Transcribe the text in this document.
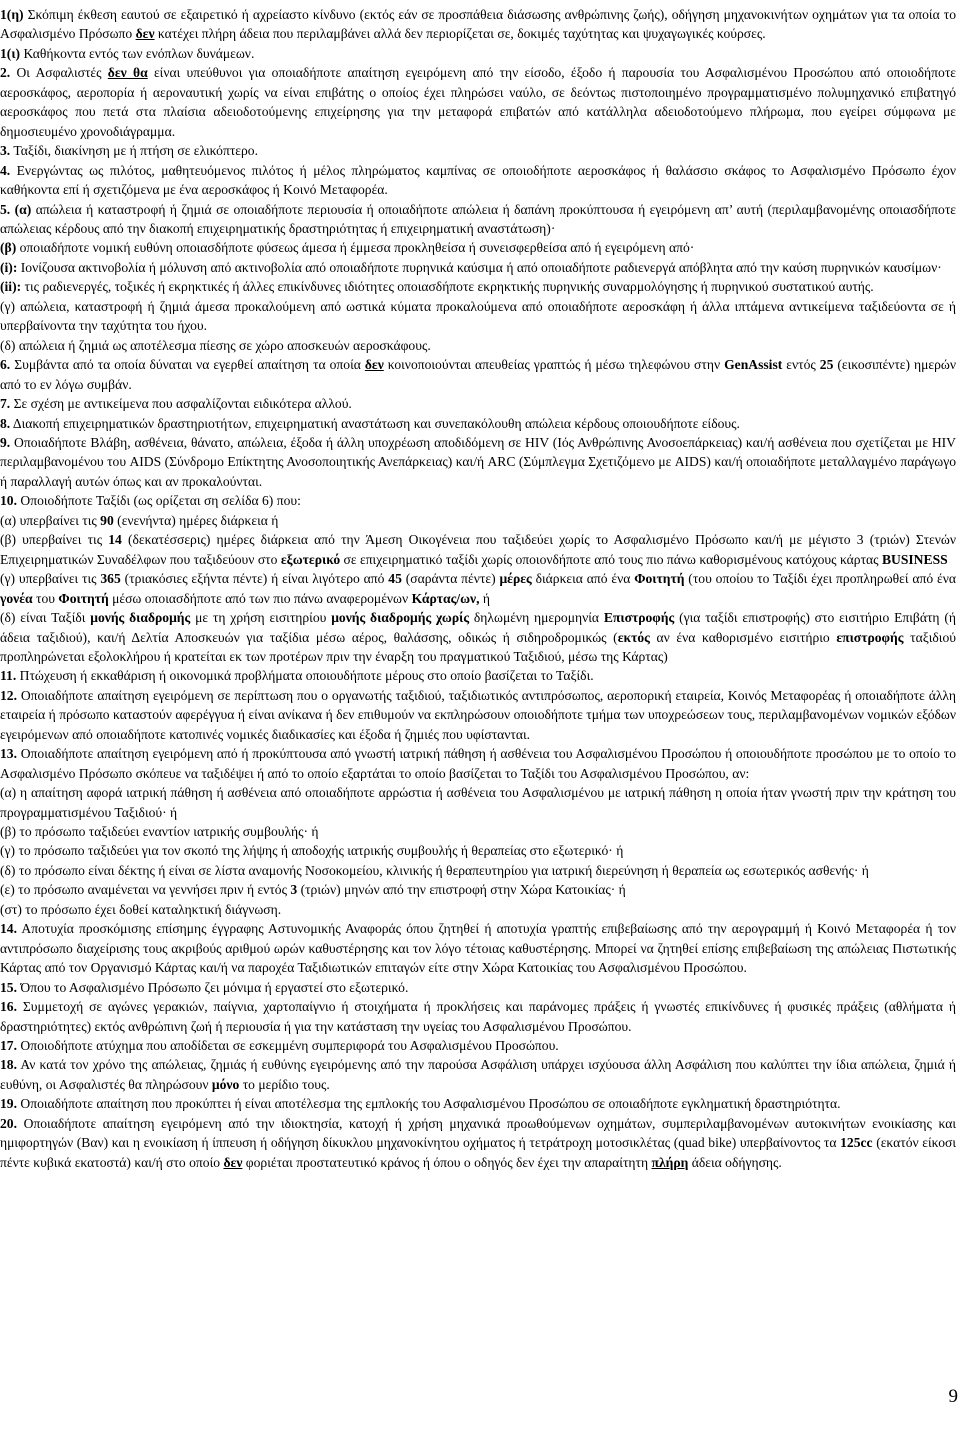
1(η) Σκόπιμη έκθεση εαυτού σε εξαιρετικό ή αχρείαστο κίνδυνο (εκτός εάν σε προσπάθεια διάσωσης ανθρώπινης ζωής), οδήγηση μηχανοκινήτων οχημάτων για τα οποία το Ασφαλισμένο Πρόσωπο δεν κατέχει πλήρη άδεια που περιλαμβάνει αλλά δεν περιορίζεται σε, δοκιμές ταχύτητας και ψυχαγωγικές κούρσες.

1(ι) Καθήκοντα εντός των ενόπλων δυνάμεων.

2. Οι Ασφαλιστές δεν θα είναι υπεύθυνοι για οποιαδήποτε απαίτηση εγειρόμενη από την είσοδο, έξοδο ή παρουσία του Ασφαλισμένου Προσώπου από οποιοδήποτε αεροσκάφος, αεροπορία ή αεροναυτική χωρίς να είναι επιβάτης ο οποίος έχει πληρώσει ναύλο, σε δεόντως πιστοποιημένο προγραμματισμένο πολυμηχανικό επιβατηγό αεροσκάφος που πετά στα πλαίσια αδειοδοτούμενης επιχείρησης για την μεταφορά επιβατών από κατάλληλα αδειοδοτούμενο πλήρωμα, που εγείρει σύμφωνα με δημοσιευμένο χρονοδιάγραμμα.

3. Ταξίδι, διακίνηση με ή πτήση σε ελικόπτερο.

4. Ενεργώντας ως πιλότος, μαθητευόμενος πιλότος ή μέλος πληρώματος καμπίνας σε οποιοδήποτε αεροσκάφος ή θαλάσσιο σκάφος το Ασφαλισμένο Πρόσωπο έχον καθήκοντα επί ή σχετιζόμενα με ένα αεροσκάφος ή Κοινό Μεταφορέα.

5. (α) απώλεια ή καταστροφή ή ζημιά σε οποιαδήποτε περιουσία ή οποιαδήποτε απώλεια ή δαπάνη προκύπτουσα ή εγειρόμενη απ’ αυτή (περιλαμβανομένης οποιασδήποτε απώλειας κέρδους από την διακοπή επιχειρηματικής δραστηριότητας ή επιχειρηματική αναστάτωση)·

(β) οποιαδήποτε νομική ευθύνη οποιασδήποτε φύσεως άμεσα ή έμμεσα προκληθείσα ή συνεισφερθείσα από ή εγειρόμενη από·

(i): Ιονίζουσα ακτινοβολία ή μόλυνση από ακτινοβολία από οποιαδήποτε πυρηνικά καύσιμα ή από οποιαδήποτε ραδιενεργά απόβλητα από την καύση πυρηνικών καυσίμων·

(ii): τις ραδιενεργές, τοξικές ή εκρηκτικές ή άλλες επικίνδυνες ιδιότητες οποιασδήποτε εκρηκτικής πυρηνικής συναρμολόγησης ή πυρηνικού συστατικού αυτής.

(γ) απώλεια, καταστροφή ή ζημιά άμεσα προκαλούμενη από ωστικά κύματα προκαλούμενα από οποιαδήποτε αεροσκάφη ή άλλα ιπτάμενα αντικείμενα ταξιδεύοντα σε ή υπερβαίνοντα την ταχύτητα του ήχου.

(δ) απώλεια ή ζημιά ως αποτέλεσμα πίεσης σε χώρο αποσκευών αεροσκάφους.

6. Συμβάντα από τα οποία δύναται να εγερθεί απαίτηση τα οποία δεν κοινοποιούνται απευθείας γραπτώς ή μέσω τηλεφώνου στην GenAssist εντός 25 (εικοσιπέντε) ημερών από το εν λόγω συμβάν.

7. Σε σχέση με αντικείμενα που ασφαλίζονται ειδικότερα αλλού.

8. Διακοπή επιχειρηματικών δραστηριοτήτων, επιχειρηματική αναστάτωση και συνεπακόλουθη απώλεια κέρδους οποιουδήποτε είδους.

9. Οποιαδήποτε Βλάβη, ασθένεια, θάνατο, απώλεια, έξοδα ή άλλη υποχρέωση αποδιδόμενη σε HIV (Ιός Ανθρώπινης Ανοσοεπάρκειας) και/ή ασθένεια που σχετίζεται με HIV περιλαμβανομένου του AIDS (Σύνδρομο Επίκτητης Ανοσοποιητικής Ανεπάρκειας) και/ή ARC (Σύμπλεγμα Σχετιζόμενο με AIDS) και/ή οποιαδήποτε μεταλλαγμένο παράγωγο ή παραλλαγή αυτών όπως και αν προκαλούνται.

10. Οποιοδήποτε Ταξίδι (ως ορίζεται ση σελίδα 6) που:

(α) υπερβαίνει τις 90 (ενενήντα) ημέρες διάρκεια ή

(β) υπερβαίνει τις 14 (δεκατέσσερις) ημέρες διάρκεια από την Άμεση Οικογένεια που ταξιδεύει χωρίς το Ασφαλισμένο Πρόσωπο και/ή με μέγιστο 3 (τριών) Στενών Επιχειρηματικών Συναδέλφων που ταξιδεύουν στο εξωτερικό σε επιχειρηματικό ταξίδι χωρίς οποιονδήποτε από τους πιο πάνω καθορισμένους κατόχους κάρτας BUSINESS

(γ) υπερβαίνει τις 365 (τριακόσιες εξήντα πέντε) ή είναι λιγότερο από 45 (σαράντα πέντε) μέρες διάρκεια από ένα Φοιτητή (του οποίου το Ταξίδι έχει προπληρωθεί από ένα γονέα του Φοιτητή μέσω οποιασδήποτε από των πιο πάνω αναφερομένων Κάρτας/ων, ή

(δ) είναι Ταξίδι μονής διαδρομής με τη χρήση εισιτηρίου μονής διαδρομής χωρίς δηλωμένη ημερομηνία Επιστροφής (για ταξίδι επιστροφής) στο εισιτήριο Επιβάτη (ή άδεια ταξιδιού), και/ή Δελτία Αποσκευών για ταξίδια μέσω αέρος, θαλάσσης, οδικώς ή σιδηροδρομικώς (εκτός αν ένα καθορισμένο εισιτήριο επιστροφής ταξιδιού προπληρώνεται εξολοκλήρου ή κρατείται εκ των προτέρων πριν την έναρξη του πραγματικού Ταξιδιού, μέσω της Κάρτας)

11. Πτώχευση ή εκκαθάριση ή οικονομικά προβλήματα οποιουδήποτε μέρους στο οποίο βασίζεται το Ταξίδι.

12. Οποιαδήποτε απαίτηση εγειρόμενη σε περίπτωση που ο οργανωτής ταξιδιού, ταξιδιωτικός αντιπρόσωπος, αεροπορική εταιρεία, Κοινός Μεταφορέας ή οποιαδήποτε άλλη εταιρεία ή πρόσωπο καταστούν αφερέγγυα ή είναι ανίκανα ή δεν επιθυμούν να εκπληρώσουν οποιοδήποτε τμήμα των υποχρεώσεων τους, περιλαμβανομένων νομικών εξόδων εγειρόμενων από οποιαδήποτε κατοπινές νομικές διαδικασίες και έξοδα ή ζημιές που υφίστανται.

13. Οποιαδήποτε απαίτηση εγειρόμενη από ή προκύπτουσα από γνωστή ιατρική πάθηση ή ασθένεια του Ασφαλισμένου Προσώπου ή οποιουδήποτε προσώπου με το οποίο το Ασφαλισμένο Πρόσωπο σκόπευε να ταξιδέψει ή από το οποίο εξαρτάται το οποίο βασίζεται το Ταξίδι του Ασφαλισμένου Προσώπου, αν:

(α) η απαίτηση αφορά ιατρική πάθηση ή ασθένεια από οποιαδήποτε αρρώστια ή ασθένεια του Ασφαλισμένου με ιατρική πάθηση η οποία ήταν γνωστή πριν την κράτηση του προγραμματισμένου Ταξιδιού· ή

(β) το πρόσωπο ταξιδεύει εναντίον ιατρικής συμβουλής· ή

(γ) το πρόσωπο ταξιδεύει για τον σκοπό της λήψης ή αποδοχής ιατρικής συμβουλής ή θεραπείας στο εξωτερικό· ή

(δ) το πρόσωπο είναι δέκτης ή είναι σε λίστα αναμονής Νοσοκομείου, κλινικής ή θεραπευτηρίου για ιατρική διερεύνηση ή θεραπεία ως εσωτερικός ασθενής· ή

(ε) το πρόσωπο αναμένεται να γεννήσει πριν ή εντός 3 (τριών) μηνών από την επιστροφή στην Χώρα Κατοικίας· ή

(στ) το πρόσωπο έχει δοθεί καταληκτική διάγνωση.

14. Αποτυχία προσκόμισης επίσημης έγγραφης Αστυνομικής Αναφοράς όπου ζητηθεί ή αποτυχία γραπτής επιβεβαίωσης από την αερογραμμή ή Κοινό Μεταφορέα ή τον αντιπρόσωπο διαχείρισης τους ακριβούς αριθμού ωρών καθυστέρησης και τον λόγο τέτοιας καθυστέρησης. Μπορεί να ζητηθεί επίσης επιβεβαίωση της απώλειας Πιστωτικής Κάρτας από τον Οργανισμό Κάρτας και/ή να παροχέα Ταξιδιωτικών επιταγών είτε στην Χώρα Κατοικίας του Ασφαλισμένου Προσώπου.

15. Όπου το Ασφαλισμένο Πρόσωπο ζει μόνιμα ή εργαστεί στο εξωτερικό.

16. Συμμετοχή σε αγώνες γερακιών, παίγνια, χαρτοπαίγνιο ή στοιχήματα ή προκλήσεις και παράνομες πράξεις ή γνωστές επικίνδυνες ή φυσικές πράξεις (αθλήματα ή δραστηριότητες) εκτός ανθρώπινη ζωή ή περιουσία ή για την κατάσταση την υγείας του Ασφαλισμένου Προσώπου.

17. Οποιοδήποτε ατύχημα που αποδίδεται σε εσκεμμένη συμπεριφορά του Ασφαλισμένου Προσώπου.

18. Αν κατά τον χρόνο της απώλειας, ζημιάς ή ευθύνης εγειρόμενης από την παρούσα Ασφάλιση υπάρχει ισχύουσα άλλη Ασφάλιση που καλύπτει την ίδια απώλεια, ζημιά ή ευθύνη, οι Ασφαλιστές θα πληρώσουν μόνο το μερίδιο τους.

19. Οποιαδήποτε απαίτηση που προκύπτει ή είναι αποτέλεσμα της εμπλοκής του Ασφαλισμένου Προσώπου σε οποιαδήποτε εγκληματική δραστηριότητα.

20. Οποιαδήποτε απαίτηση εγειρόμενη από την ιδιοκτησία, κατοχή ή χρήση μηχανικά προωθούμενων οχημάτων, συμπεριλαμβανομένων αυτοκινήτων ενοικίασης και ημιφορτηγών (Βαν) και η ενοικίαση ή ίππευση ή οδήγηση δίκυκλου μηχανοκίνητου οχήματος ή τετράτροχη μοτοσικλέτας (quad bike) υπερβαίνοντος τα 125cc (εκατόν είκοσι πέντε κυβικά εκατοστά) και/ή στο οποίο δεν φοριέται προστατευτικό κράνος ή όπου ο οδηγός δεν έχει την απαραίτητη πλήρη άδεια οδήγησης.

9
